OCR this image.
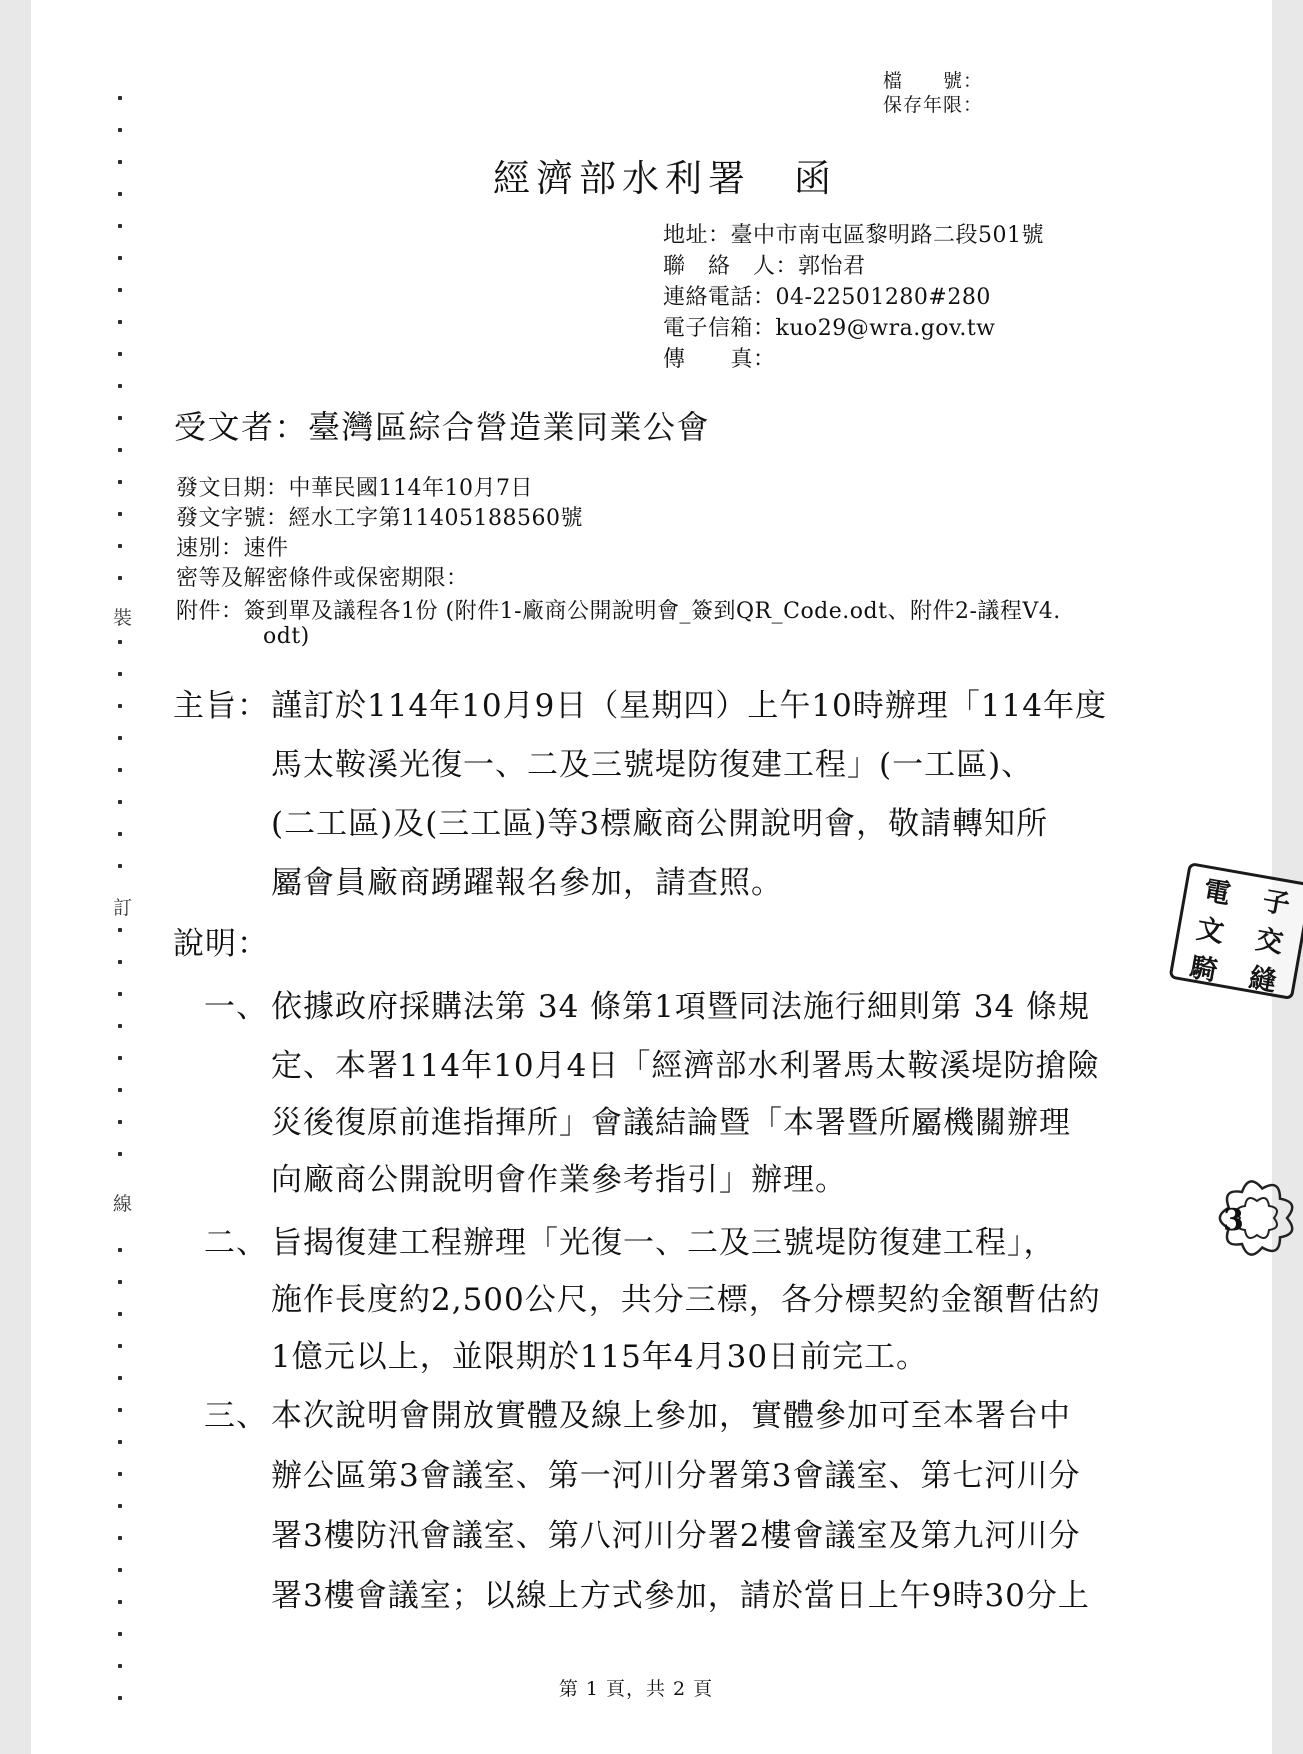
檔　　號：
保存年限：
經濟部水利署　函
地址：臺中市南屯區黎明路二段501號
聯　絡　人：郭怡君
連絡電話：04-22501280#280
電子信箱：kuo29@wra.gov.tw
傳　　真：
受文者：臺灣區綜合營造業同業公會
發文日期：中華民國114年10月7日
發文字號：經水工字第11405188560號
速別：速件
密等及解密條件或保密期限：
附件：簽到單及議程各1份 (附件1-廠商公開說明會_簽到QR_Code.odt、附件2-議程V4.
odt)
主旨： 謹訂於114年10月9日（星期四）上午10時辦理「114年度
馬太鞍溪光復一、二及三號堤防復建工程」(一工區)、
(二工區)及(三工區)等3標廠商公開說明會，敬請轉知所
屬會員廠商踴躍報名參加，請查照。
說明：
一、 依據政府採購法第 34 條第1項暨同法施行細則第 34 條規
定、本署114年10月4日「經濟部水利署馬太鞍溪堤防搶險
災後復原前進指揮所」會議結論暨「本署暨所屬機關辦理
向廠商公開說明會作業參考指引」辦理。
二、 旨揭復建工程辦理「光復一、二及三號堤防復建工程」，
施作長度約2,500公尺，共分三標，各分標契約金額暫估約
1億元以上，並限期於115年4月30日前完工。
三、 本次說明會開放實體及線上參加，實體參加可至本署台中
辦公區第3會議室、第一河川分署第3會議室、第七河川分
署3樓防汛會議室、第八河川分署2樓會議室及第九河川分
署3樓會議室；以線上方式參加，請於當日上午9時30分上
裝
訂
線
電 子
文 交
騎 縫
3
第 1 頁，共 2 頁
